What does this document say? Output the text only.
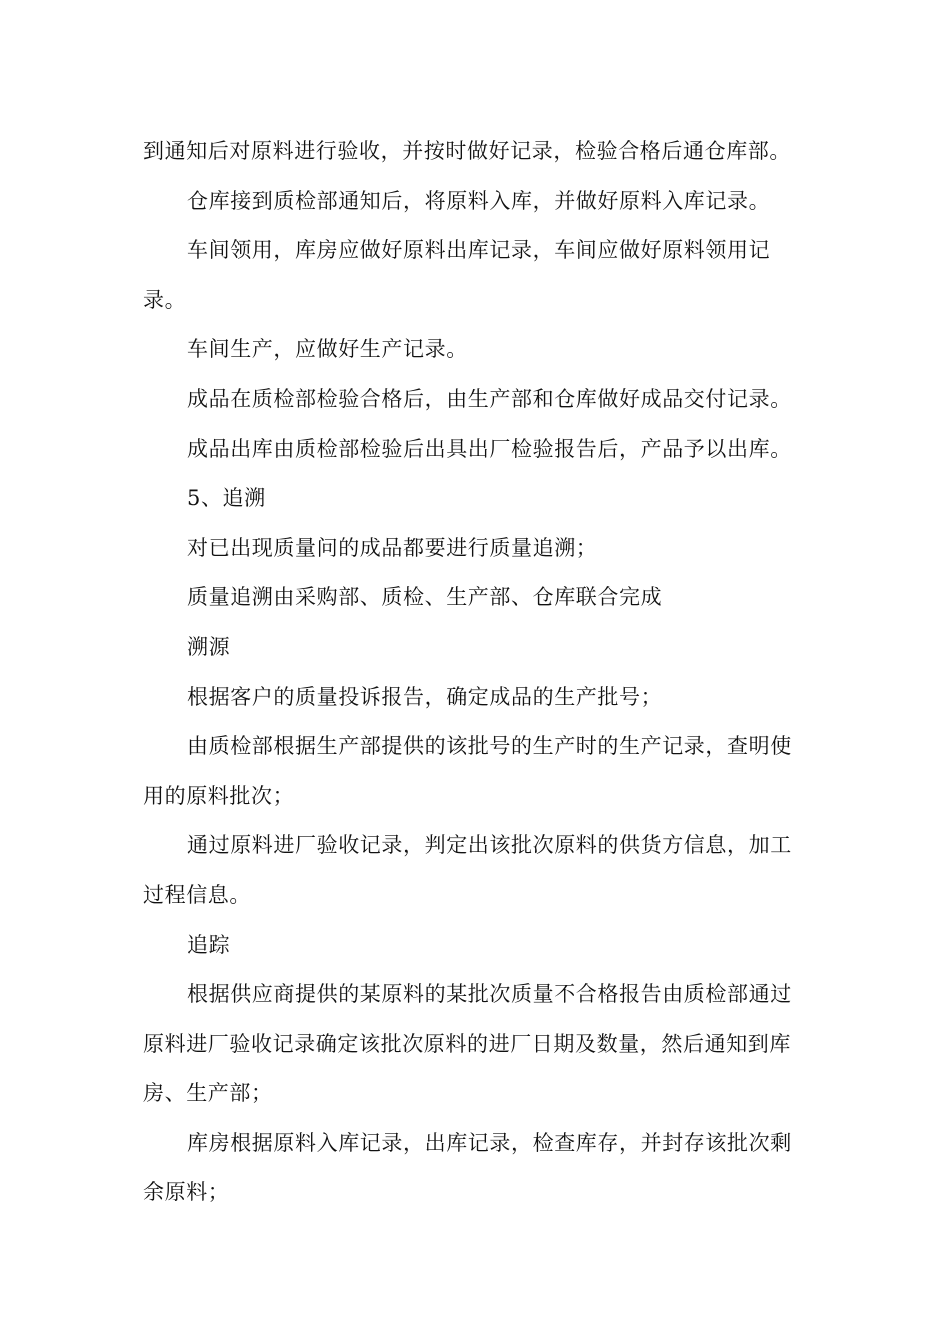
到通知后对原料进行验收，并按时做好记录，检验合格后通仓库部。

仓库接到质检部通知后，将原料入库，并做好原料入库记录。

车间领用，库房应做好原料出库记录，车间应做好原料领用记录。

车间生产，应做好生产记录。

成品在质检部检验合格后，由生产部和仓库做好成品交付记录。

成品出库由质检部检验后出具出厂检验报告后，产品予以出库。

5、追溯

对已出现质量问的成品都要进行质量追溯；

质量追溯由采购部、质检、生产部、仓库联合完成

溯源

根据客户的质量投诉报告，确定成品的生产批号；

由质检部根据生产部提供的该批号的生产时的生产记录，查明使用的原料批次；

通过原料进厂验收记录，判定出该批次原料的供货方信息，加工过程信息。

追踪

根据供应商提供的某原料的某批次质量不合格报告由质检部通过原料进厂验收记录确定该批次原料的进厂日期及数量，然后通知到库房、生产部；

库房根据原料入库记录，出库记录，检查库存，并封存该批次剩余原料；
